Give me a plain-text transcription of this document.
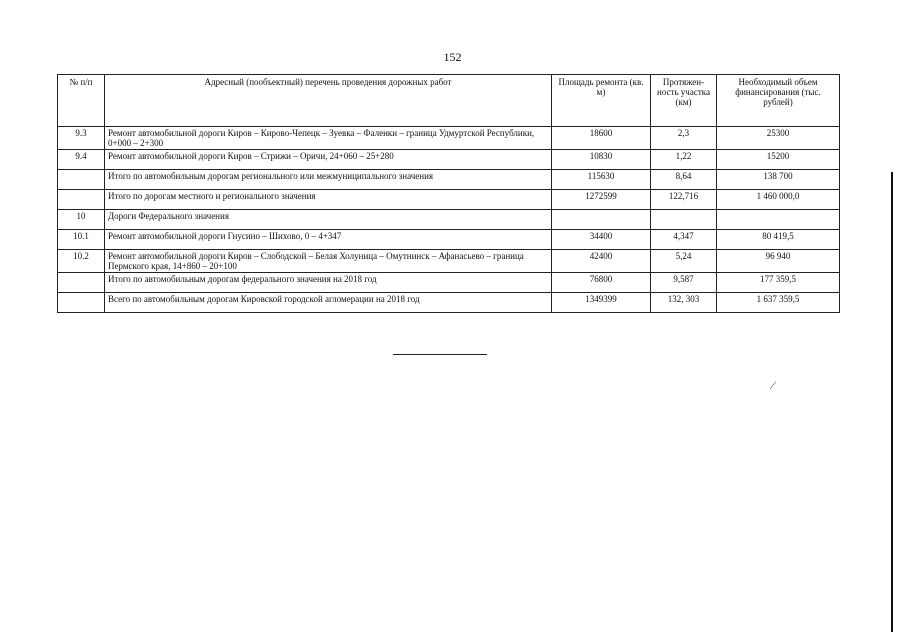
152
№ п/п	Адресный (пообъектный) перечень проведения дорожных работ	Площадь ремонта (кв. м)	Протяжен-ность участка (км)	Необходимый объем финансирования (тыс. рублей)
9.3	Ремонт автомобильной дороги Киров – Кирово-Чепецк – Зуевка – Фаленки – граница Удмуртской Республики, 0+000 – 2+300	18600	2,3	25300
9.4	Ремонт автомобильной дороги Киров – Стрижи – Оричи, 24+060 – 25+280	10830	1,22	15200
	Итого по автомобильным дорогам регионального или межмуниципального значения	115630	8,64	138 700
	Итого по дорогам местного и регионального значения	1272599	122,716	1 460 000,0
10	Дороги Федерального значения			
10.1	Ремонт автомобильной дороги Гнусино – Шихово, 0 – 4+347	34400	4,347	80 419,5
10.2	Ремонт автомобильной дороги Киров – Слободской – Белая Холуница – Омутнинск – Афанасьево – граница Пермского края, 14+860 – 20+100	42400	5,24	96 940
	Итого по автомобильным дорогам федерального значения на 2018 год	76800	9,587	177 359,5
	Всего по автомобильным дорогам Кировской городской агломерации на 2018 год	1349399	132, 303	1 637 359,5
⁄
